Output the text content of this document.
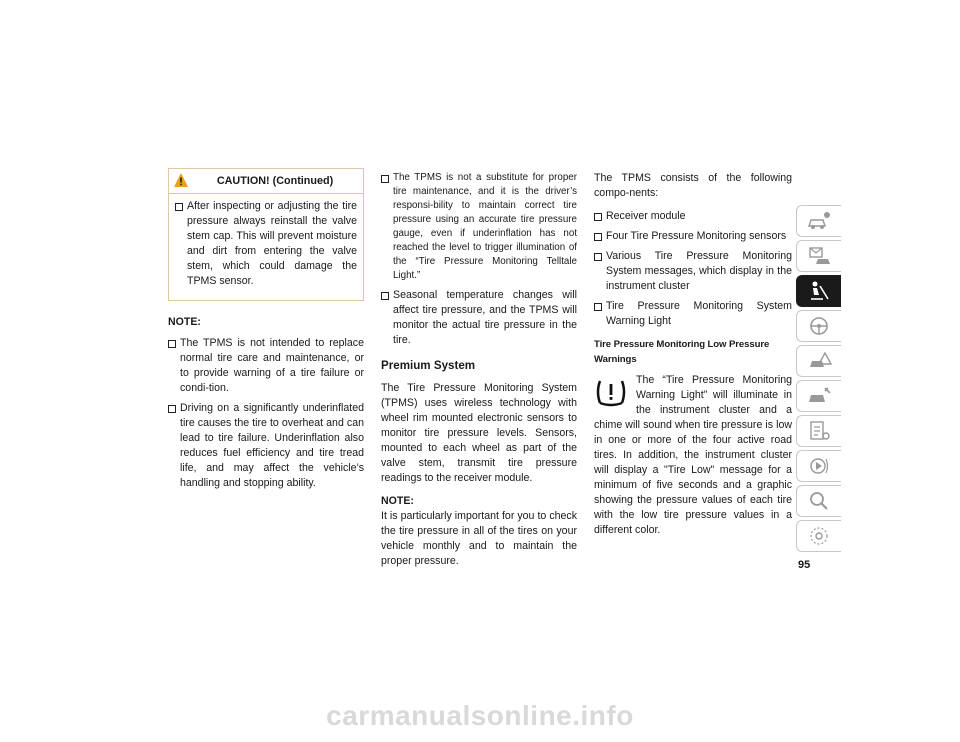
CAUTION! (Continued)
After inspecting or adjusting the tire pressure always reinstall the valve stem cap. This will prevent moisture and dirt from entering the valve stem, which could damage the TPMS sensor.
NOTE:
The TPMS is not intended to replace normal tire care and maintenance, or to provide warning of a tire failure or condi-tion.
Driving on a significantly underinflated tire causes the tire to overheat and can lead to tire failure. Underinflation also reduces fuel efficiency and tire tread life, and may affect the vehicle’s handling and stopping ability.
The TPMS is not a substitute for proper tire maintenance, and it is the driver’s responsi-bility to maintain correct tire pressure using an accurate tire pressure gauge, even if underinflation has not reached the level to trigger illumination of the “Tire Pressure Monitoring Telltale Light.”
Seasonal temperature changes will affect tire pressure, and the TPMS will monitor the actual tire pressure in the tire.
Premium System
The Tire Pressure Monitoring System (TPMS) uses wireless technology with wheel rim mounted electronic sensors to monitor tire pressure levels. Sensors, mounted to each wheel as part of the valve stem, transmit tire pressure readings to the receiver module.
NOTE:
It is particularly important for you to check the tire pressure in all of the tires on your vehicle monthly and to maintain the proper pressure.
The TPMS consists of the following compo-nents:
Receiver module
Four Tire Pressure Monitoring sensors
Various Tire Pressure Monitoring System messages, which display in the instrument cluster
Tire Pressure Monitoring System Warning Light
Tire Pressure Monitoring Low Pressure Warnings
The “Tire Pressure Monitoring Warning Light” will illuminate in the instrument cluster and a chime will sound when tire pressure is low in one or more of the four active road tires. In addition, the instrument cluster will display a "Tire Low" message for a minimum of five seconds and a graphic showing the pressure values of each tire with the low tire pressure values in a different color.
95
carmanualsonline.info
